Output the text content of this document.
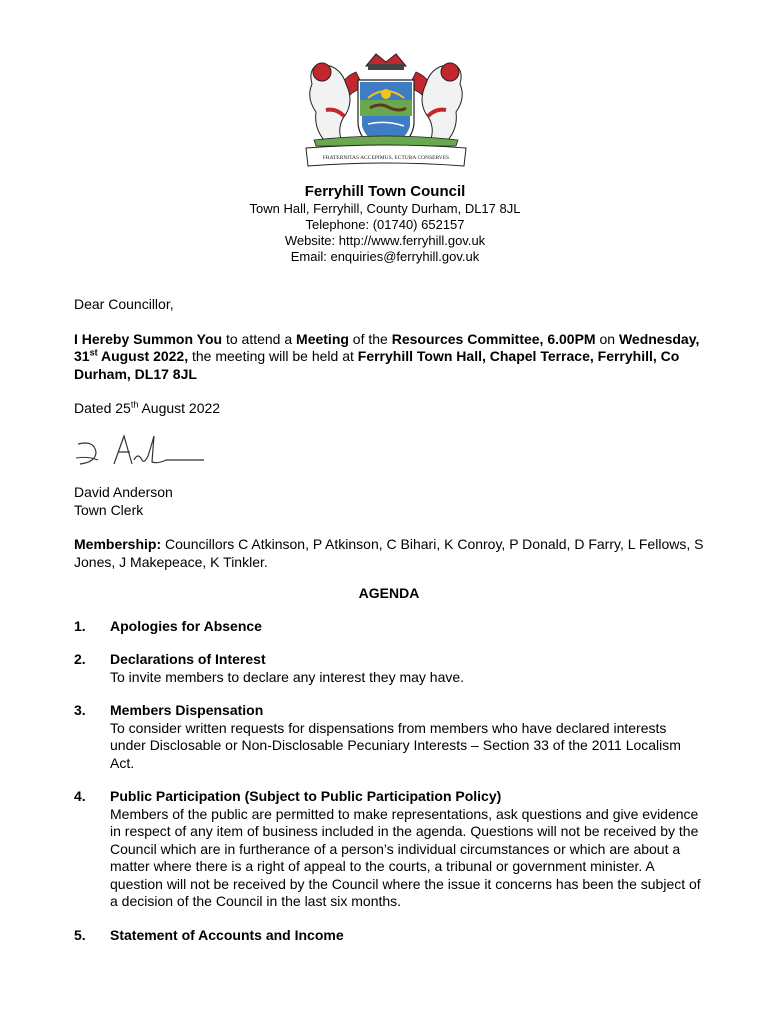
FRATERNITAS ACCEPIMUS, ECTURA CONSERVES
Ferryhill Town Council
Town Hall, Ferryhill, County Durham, DL17 8JL
Telephone: (01740) 652157
Website: http://www.ferryhill.gov.uk
Email: enquiries@ferryhill.gov.uk

Dear Councillor,

I Hereby Summon You to attend a Meeting of the Resources Committee, 6.00PM on Wednesday, 31st August 2022, the meeting will be held at Ferryhill Town Hall, Chapel Terrace, Ferryhill, Co Durham, DL17 8JL

Dated 25th August 2022

David Anderson

Town Clerk

Membership: Councillors C Atkinson, P Atkinson, C Bihari, K Conroy, P Donald, D Farry, L Fellows, S Jones, J Makepeace, K Tinkler.

AGENDA
1. Apologies for Absence
2. Declarations of Interest
To invite members to declare any interest they may have.
3. Members Dispensation
To consider written requests for dispensations from members who have declared interests under Disclosable or Non-Disclosable Pecuniary Interests – Section 33 of the 2011 Localism Act.
4. Public Participation (Subject to Public Participation Policy)
Members of the public are permitted to make representations, ask questions and give evidence in respect of any item of business included in the agenda. Questions will not be received by the Council which are in furtherance of a person’s individual circumstances or which are about a matter where there is a right of appeal to the courts, a tribunal or government minister. A question will not be received by the Council where the issue it concerns has been the subject of a decision of the Council in the last six months.
5. Statement of Accounts and Income
